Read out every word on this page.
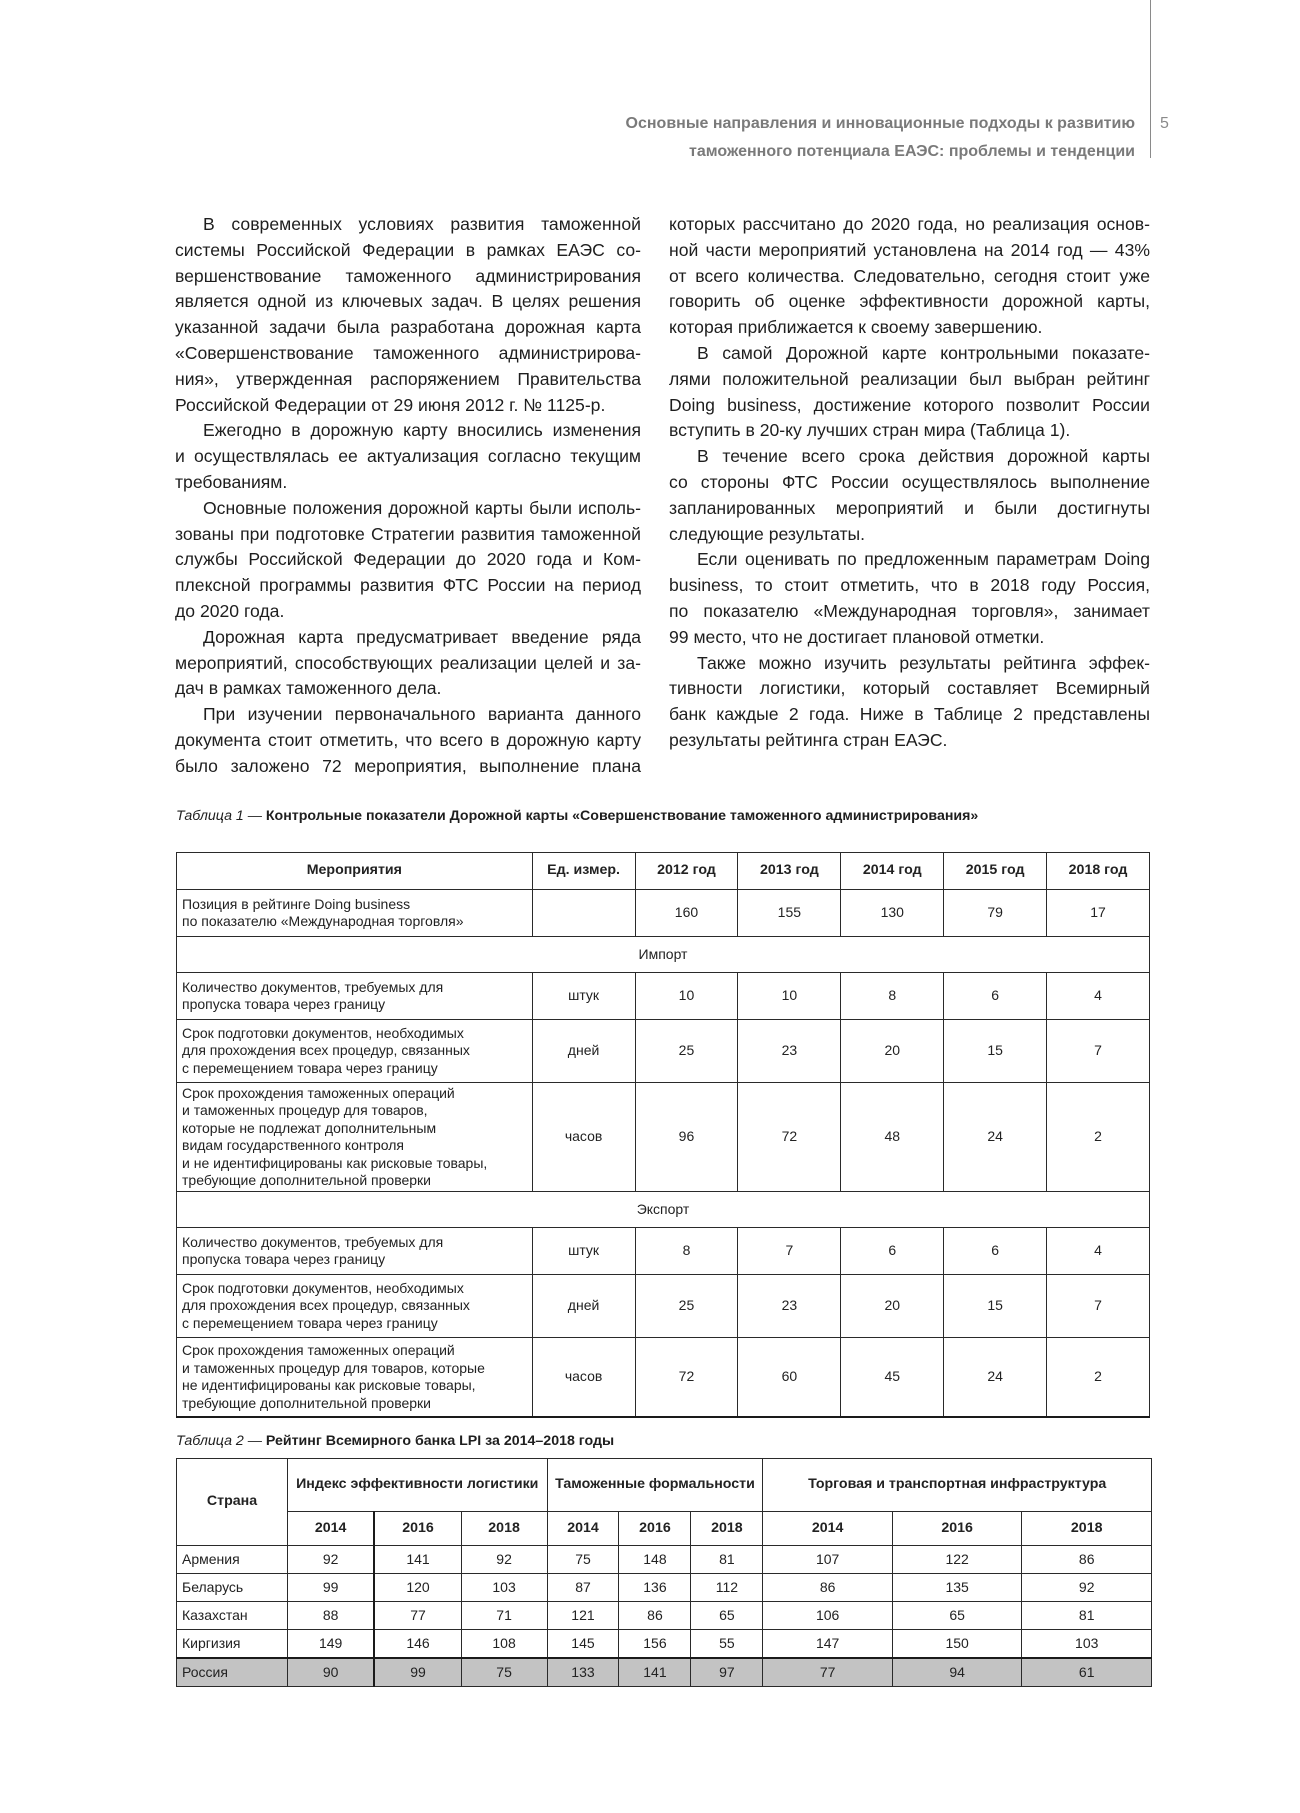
Основные направления и инновационные подходы к развитию
таможенного потенциала ЕАЭС: проблемы и тенденции
5
В современных условиях развития таможенной
системы Российской Федерации в рамках ЕАЭС со-
вершенствование таможенного администрирования
является одной из ключевых задач. В целях решения
указанной задачи была разработана дорожная карта
«Совершенствование таможенного администрирова-
ния», утвержденная распоряжением Правительства
Российской Федерации от 29 июня 2012 г. № 1125-р.
Ежегодно в дорожную карту вносились изменения
и осуществлялась ее актуализация согласно текущим
требованиям.
Основные положения дорожной карты были исполь-
зованы при подготовке Стратегии развития таможенной
службы Российской Федерации до 2020 года и Ком-
плексной программы развития ФТС России на период
до 2020 года.
Дорожная карта предусматривает введение ряда
мероприятий, способствующих реализации целей и за-
дач в рамках таможенного дела.
При изучении первоначального варианта данного
документа стоит отметить, что всего в дорожную карту
было заложено 72 мероприятия, выполнение плана
которых рассчитано до 2020 года, но реализация основ-
ной части мероприятий установлена на 2014 год — 43%
от всего количества. Следовательно, сегодня стоит уже
говорить об оценке эффективности дорожной карты,
которая приближается к своему завершению.
В самой Дорожной карте контрольными показате-
лями положительной реализации был выбран рейтинг
Doing business, достижение которого позволит России
вступить в 20-ку лучших стран мира (Таблица 1).
В течение всего срока действия дорожной карты
со стороны ФТС России осуществлялось выполнение
запланированных мероприятий и были достигнуты
следующие результаты.
Если оценивать по предложенным параметрам Doing
business, то стоит отметить, что в 2018 году Россия,
по показателю «Международная торговля», занимает
99 место, что не достигает плановой отметки.
Также можно изучить результаты рейтинга эффек-
тивности логистики, который составляет Всемирный
банк каждые 2 года. Ниже в Таблице 2 представлены
результаты рейтинга стран ЕАЭС.
Таблица 1 — Контрольные показатели Дорожной карты «Совершенствование таможенного администрирования»
Мероприятия	Ед. измер.	2012 год	2013 год	2014 год	2015 год	2018 год

Позиция в рейтинге Doing business
по показателю «Международная торговля»		160	155	130	79	17
Импорт						

Количество документов, требуемых для
пропуска товара через границу	штук	10	10	8	6	4

Срок подготовки документов, необходимых
для прохождения всех процедур, связанных
с перемещением товара через границу	дней	25	23	20	15	7

Срок прохождения таможенных операций
и таможенных процедур для товаров,
которые не подлежат дополнительным
видам государственного контроля
и не идентифицированы как рисковые товары,
требующие дополнительной проверки
	часов	96	72	48	24	2
Экспорт						

Количество документов, требуемых для
пропуска товара через границу	штук	8	7	6	6	4

Срок подготовки документов, необходимых
для прохождения всех процедур, связанных
с перемещением товара через границу	дней	25	23	20	15	7

Срок прохождения таможенных операций
и таможенных процедур для товаров, которые
не идентифицированы как рисковые товары,
требующие дополнительной проверки	часов	72	60	45	24	2
Таблица 2 — Рейтинг Всемирного банка LPI за 2014–2018 годы
Страна	Индекс эффективности логистики			Таможенные формальности			Торговая и транспортная инфраструктура		
	2014	2016	2018	2014	2016	2018	2014	2016	2018
Армения	92	141	92	75	148	81	107	122	86
Беларусь	99	120	103	87	136	112	86	135	92
Казахстан	88	77	71	121	86	65	106	65	81
Киргизия	149	146	108	145	156	55	147	150	103
Россия	90	99	75	133	141	97	77	94	61
